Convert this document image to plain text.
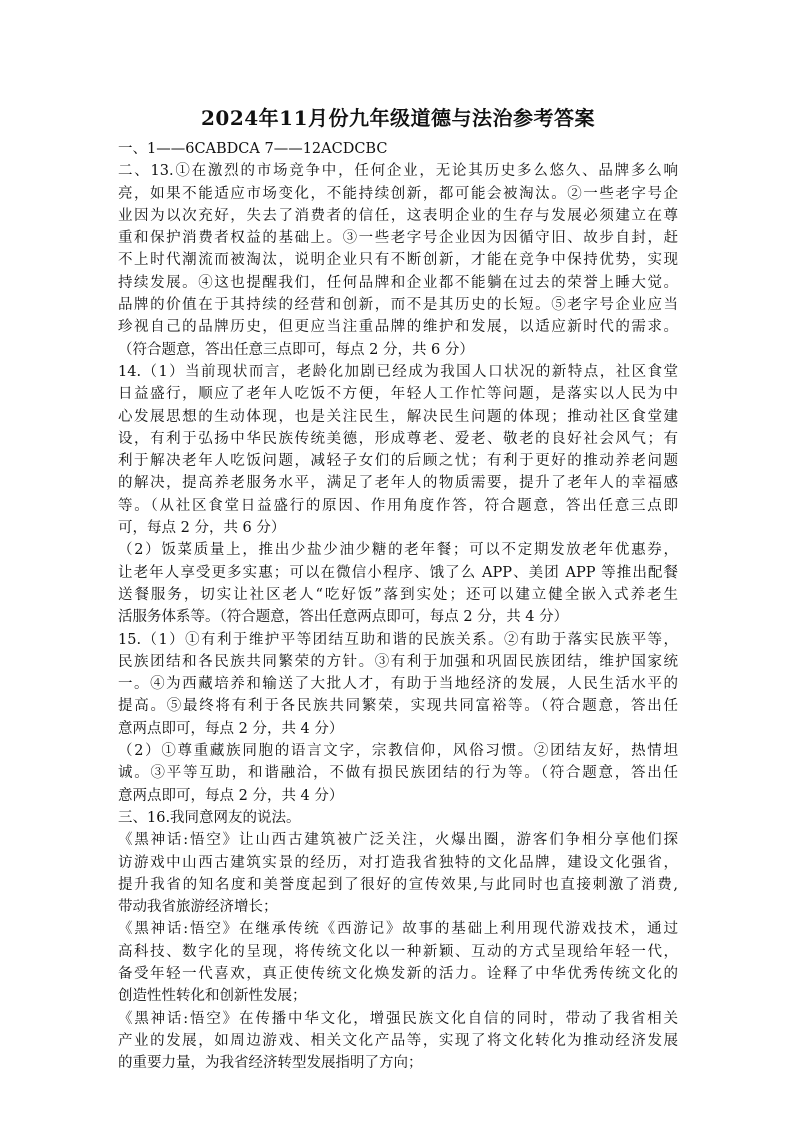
2024年11月份九年级道德与法治参考答案

一、1——6CABDCA 7——12ACDCBC

二、13.①在激烈的市场竞争中，任何企业，无论其历史多么悠久、品牌多么响

亮，如果不能适应市场变化，不能持续创新，都可能会被淘汰。②一些老字号企

业因为以次充好，失去了消费者的信任，这表明企业的生存与发展必须建立在尊

重和保护消费者权益的基础上。③一些老字号企业因为因循守旧、故步自封，赶

不上时代潮流而被淘汰，说明企业只有不断创新，才能在竞争中保持优势，实现

持续发展。④这也提醒我们，任何品牌和企业都不能躺在过去的荣誉上睡大觉。

品牌的价值在于其持续的经营和创新，而不是其历史的长短。⑤老字号企业应当

珍视自己的品牌历史，但更应当注重品牌的维护和发展，以适应新时代的需求。

（符合题意，答出任意三点即可，每点 2 分，共 6 分）

14.（1）当前现状而言，老龄化加剧已经成为我国人口状况的新特点，社区食堂

日益盛行，顺应了老年人吃饭不方便，年轻人工作忙等问题，是落实以人民为中

心发展思想的生动体现，也是关注民生，解决民生问题的体现；推动社区食堂建

设，有利于弘扬中华民族传统美德，形成尊老、爱老、敬老的良好社会风气；有

利于解决老年人吃饭问题，减轻子女们的后顾之忧；有利于更好的推动养老问题

的解决，提高养老服务水平，满足了老年人的物质需要，提升了老年人的幸福感

等。（从社区食堂日益盛行的原因、作用角度作答，符合题意，答出任意三点即

可，每点 2 分，共 6 分）

（2）饭菜质量上，推出少盐少油少糖的老年餐；可以不定期发放老年优惠券，

让老年人享受更多实惠；可以在微信小程序、饿了么 APP、美团 APP 等推出配餐

送餐服务，切实让社区老人“吃好饭”落到实处；还可以建立健全嵌入式养老生

活服务体系等。（符合题意，答出任意两点即可，每点 2 分，共 4 分）

15.（1）①有利于维护平等团结互助和谐的民族关系。②有助于落实民族平等，

民族团结和各民族共同繁荣的方针。③有利于加强和巩固民族团结，维护国家统

一。④为西藏培养和输送了大批人才，有助于当地经济的发展，人民生活水平的

提高。⑤最终将有利于各民族共同繁荣，实现共同富裕等。（符合题意，答出任

意两点即可，每点 2 分，共 4 分）

（2）①尊重藏族同胞的语言文字，宗教信仰，风俗习惯。②团结友好，热情坦

诚。③平等互助，和谐融洽，不做有损民族团结的行为等。（符合题意，答出任

意两点即可，每点 2 分，共 4 分）

三、16.我同意网友的说法。

《黑神话:悟空》让山西古建筑被广泛关注，火爆出圈，游客们争相分享他们探

访游戏中山西古建筑实景的经历，对打造我省独特的文化品牌，建设文化强省，

提升我省的知名度和美誉度起到了很好的宣传效果,与此同时也直接刺激了消费,

带动我省旅游经济增长；

《黑神话:悟空》在继承传统《西游记》故事的基础上利用现代游戏技术，通过

高科技、数字化的呈现，将传统文化以一种新颖、互动的方式呈现给年轻一代，

备受年轻一代喜欢，真正使传统文化焕发新的活力。诠释了中华优秀传统文化的

创造性性转化和创新性发展；

《黑神话:悟空》在传播中华文化，增强民族文化自信的同时，带动了我省相关

产业的发展，如周边游戏、相关文化产品等，实现了将文化转化为推动经济发展

的重要力量，为我省经济转型发展指明了方向；
